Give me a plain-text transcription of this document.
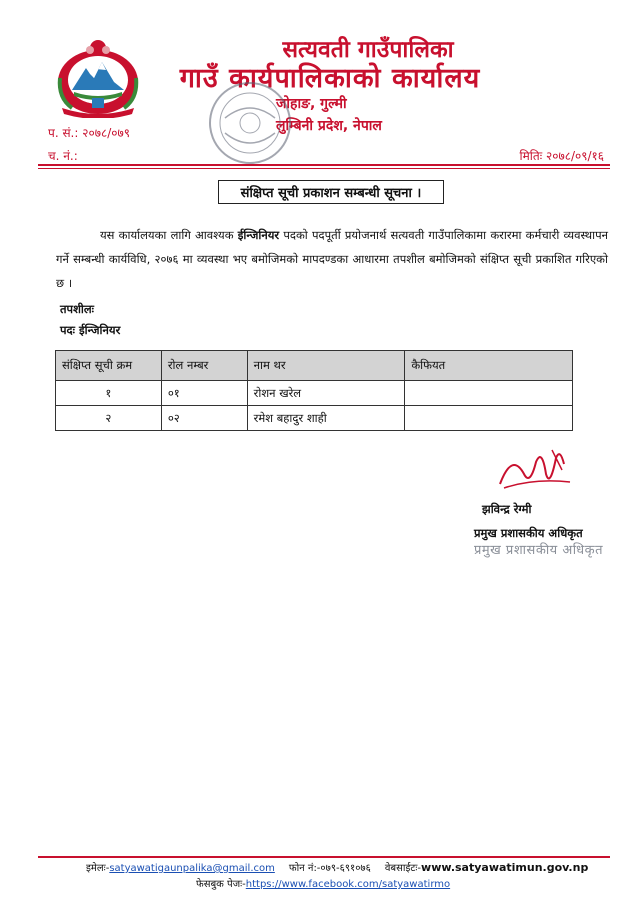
सत्यवती गाउँपालिका
गाउँ कार्यपालिकाको कार्यालय
जोहाङ, गुल्मी
लुम्बिनी प्रदेश, नेपाल
प. सं.: २०७८/०७९
च. नं.:	मितिः २०७८/०९/१६
संक्षिप्त सूची प्रकाशन सम्बन्धी सूचना ।

यस कार्यालयका लागि आवश्यक ईन्जिनियर पदको पदपूर्ती प्रयोजनार्थ सत्यवती गाउँपालिकामा करारमा कर्मचारी व्यवस्थापन गर्ने सम्बन्धी कार्यविधि, २०७६ मा व्यवस्था भए बमोजिमको मापदण्डका आधारमा तपशील बमोजिमको संक्षिप्त सूची प्रकाशित गरिएको छ ।

तपशीलः
पदः ईन्जिनियर
संक्षिप्त सूची क्रम	रोल नम्बर	नाम थर	कैफियत
१	०१	रोशन खरेल	
२	०२	रमेश बहादुर शाही	
झविन्द्र रेग्मी
प्रमुख प्रशासकीय अधिकृत
प्रमुख प्रशासकीय अधिकृत
इमेलः-satyawatigaunpalika@gmail.com फोन नं:-०७९-६९१०७६ वेबसाईटः-www.satyawatimun.gov.np
फेसबुक पेजः-https://www.facebook.com/satyawatirmo
